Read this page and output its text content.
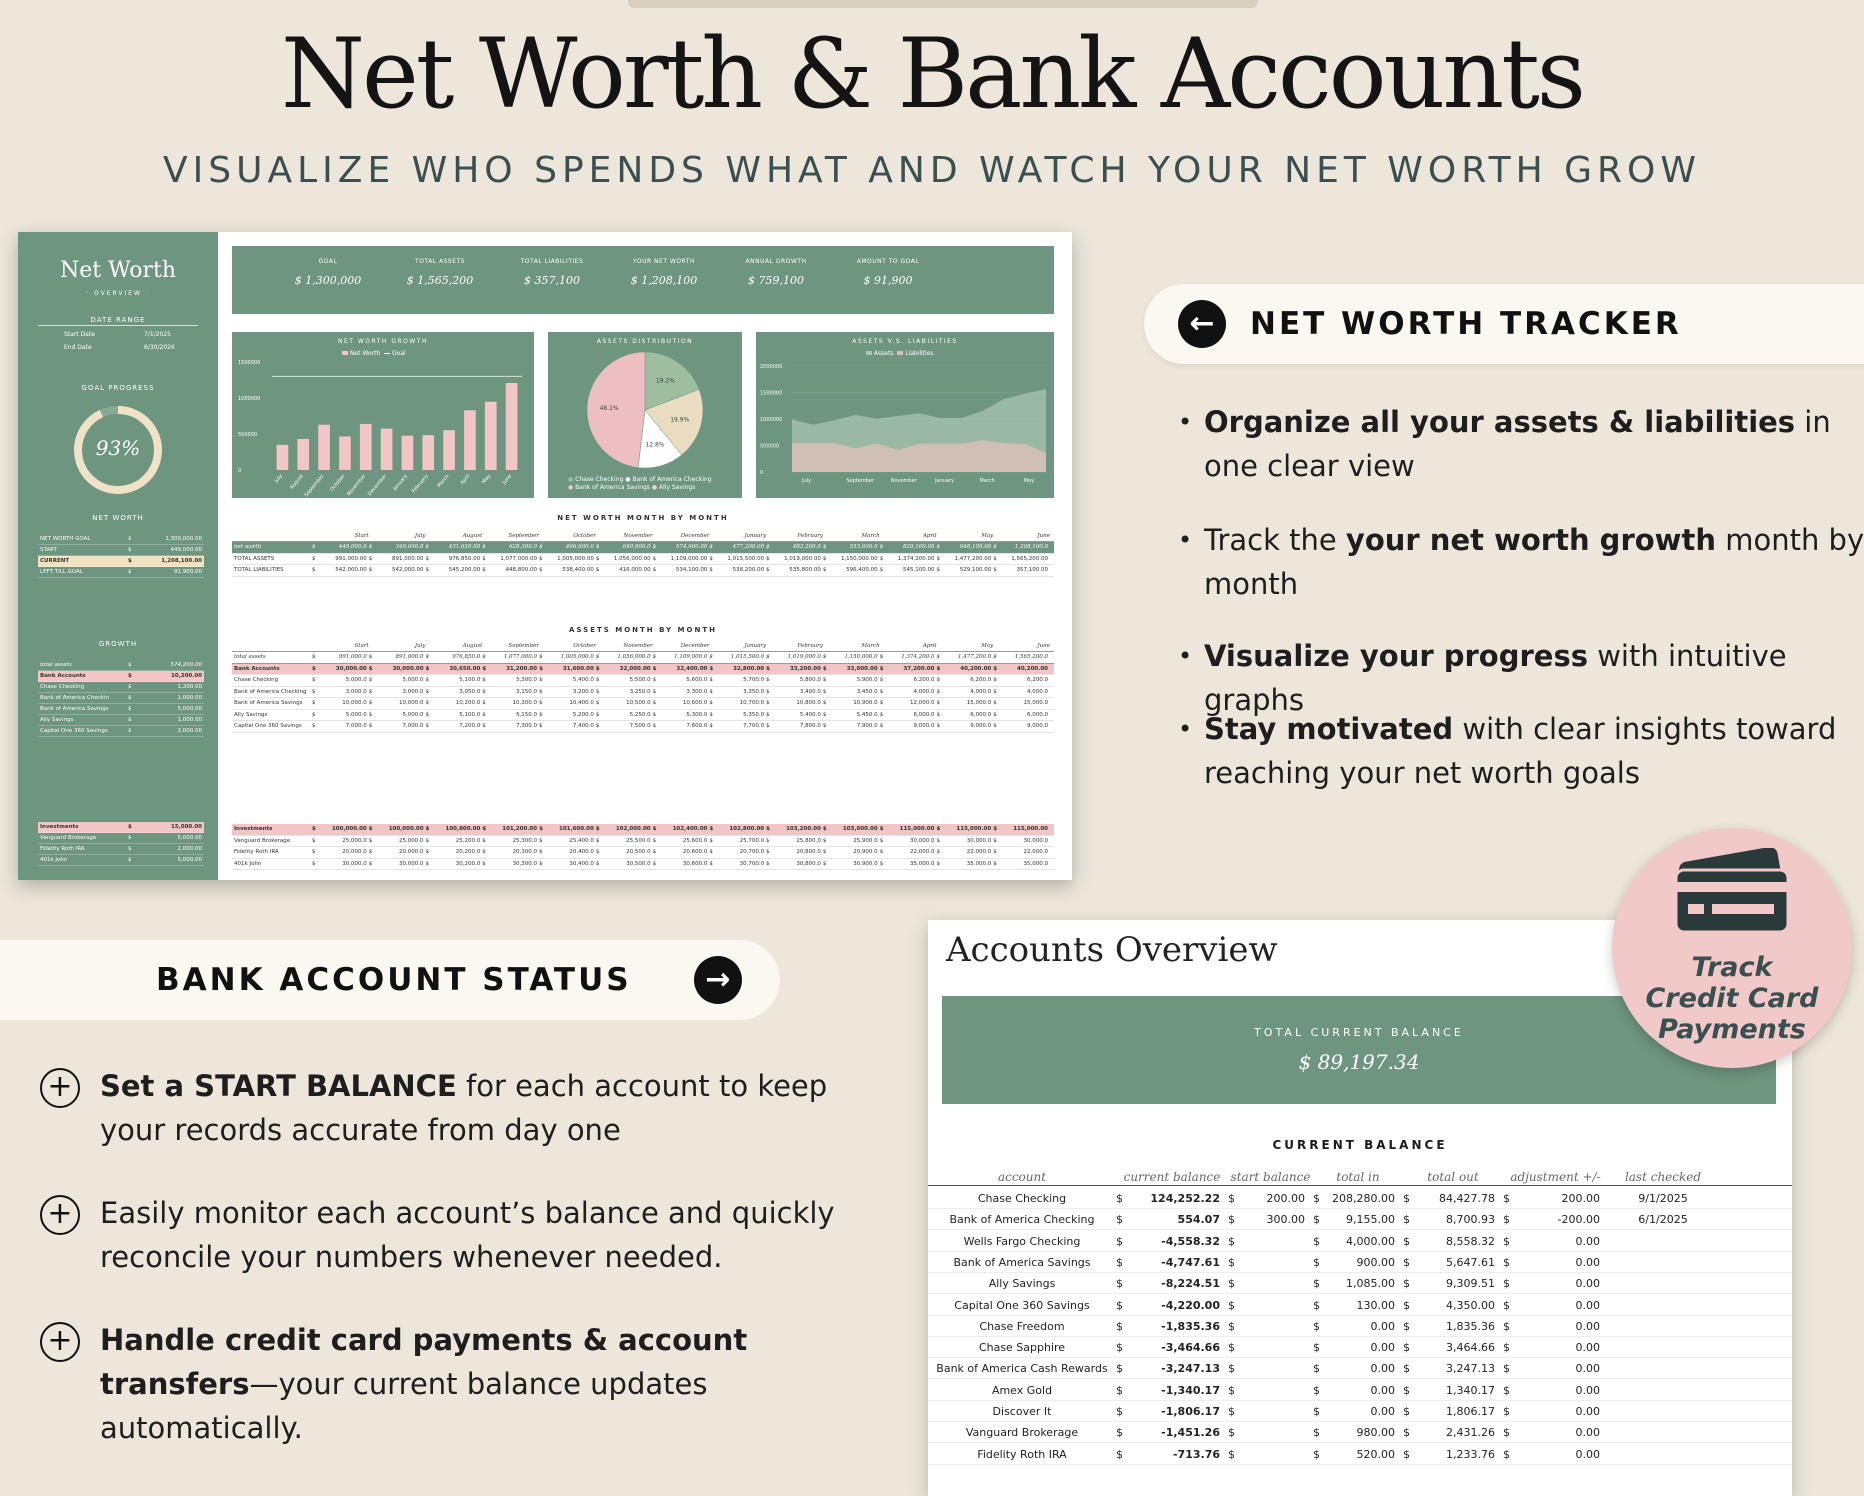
Net Worth & Bank Accounts
VISUALIZE WHO SPENDS WHAT AND WATCH YOUR NET WORTH GROW
Net Worth
· OVERVIEW ·
DATE RANGE
Start Date	7/1/2025
End Date	6/30/2026
GOAL PROGRESS
93%
NET WORTH
NET WORTH GOAL	$	1,300,000.00
START	$	449,000.00
CURRENT	$	1,208,100.00
LEFT TILL GOAL	$	91,900.00
GROWTH
total assets	$	574,200.00
Bank Accounts	$	10,200.00
Chase Checking	$	1,200.00
Bank of America Checkin	$	1,000.00
Bank of America Savings	$	5,000.00
Ally Savings	$	1,000.00
Capital One 360 Savings	$	2,000.00
Investments	$	15,000.00
Vanguard Brokerage	$	5,000.00
Fidelity Roth IRA	$	2,000.00
401k John	$	5,000.00
GOAL
$ 1,300,000
TOTAL ASSETS
$ 1,565,200
TOTAL LIABILITIES
$ 357,100
YOUR NET WORTH
$ 1,208,100
ANNUAL GROWTH
$ 759,100
AMOUNT TO GOAL
$ 91,900
NET WORTH GROWTH
Net Worth Goal
1500000
1000000
500000
0
July August
September October November December January February March April May June
ASSETS DISTRIBUTION
19.2%
19.9%
12.8%
48.1%
● Chase Checking ● Bank of America Checking
● Bank of America Savings ● Ally Savings
ASSETS V.S. LIABILITIES
Assets Liabilities
2000000
1500000
1000000
500000
0
July	September	November	January	March	May
NET WORTH MONTH BY MONTH
Start	July	August	September	October	November	December	January	February	March	April	May	June
net worth	$	449,000.0 $	349,000.0 $	431,650.00 $	628,300.0 $	466,600.0 $	640,000.0 $	574,900.00 $	477,200.00 $	483,200.0 $	553,600.0 $	829,100.00 $	948,100.00 $	1,208,100.0
TOTAL ASSETS	$	991,000.00 $	891,000.00 $	976,850.00 $	1,077,000.00 $	1,005,000.00 $	1,056,000.00 $	1,109,000.00 $	1,015,500.00 $	1,019,000.00 $	1,150,000.00 $	1,374,200.00 $	1,477,200.00 $	1,565,200.00
TOTAL LIABILITIES	$	542,000.00 $	542,000.00 $	545,200.00 $	448,800.00 $	538,400.00 $	416,000.00 $	534,100.00 $	538,200.00 $	535,800.00 $	596,400.00 $	545,100.00 $	529,100.00 $	357,100.00
ASSETS MONTH BY MONTH
Start	July	August	September	October	November	December	January	February	March	April	May	June
total assets	$	991,000.0 $	891,000.0 $	976,850.0 $	1,077,000.0 $	1,005,000.0 $	1,056,000.0 $	1,109,000.0 $	1,015,500.0 $	1,019,000.0 $	1,150,000.0 $	1,374,200.0 $	1,477,200.0 $	1,565,200.0
Bank Accounts	$	30,000.00 $	30,000.00 $	30,650.00 $	31,200.00 $	31,600.00 $	32,000.00 $	32,400.00 $	32,800.00 $	33,200.00 $	33,600.00 $	37,200.00 $	40,200.00 $	40,200.00
Chase Checking	$	5,000.0 $	5,000.0 $	5,100.0 $	5,300.0 $	5,400.0 $	5,500.0 $	5,600.0 $	5,700.0 $	5,800.0 $	5,900.0 $	6,200.0 $	6,200.0 $	6,200.0
Bank of America Checking $	3,000.0 $	3,000.0 $	3,050.0 $	3,150.0 $	3,200.0 $	3,250.0 $	3,300.0 $	3,350.0 $	3,400.0 $	3,450.0 $	4,000.0 $	4,000.0 $	4,000.0
Bank of America Savings $	10,000.0 $	10,000.0 $	10,200.0 $	10,300.0 $	10,400.0 $	10,500.0 $	10,600.0 $	10,700.0 $	10,800.0 $	10,900.0 $	12,000.0 $	15,000.0 $	15,000.0
Ally Savings	$	5,000.0 $	5,000.0 $	5,100.0 $	5,150.0 $	5,200.0 $	5,250.0 $	5,300.0 $	5,350.0 $	5,400.0 $	5,450.0 $	6,000.0 $	6,000.0 $	6,000.0
Capital One 360 Savings $	7,000.0 $	7,000.0 $	7,200.0 $	7,300.0 $	7,400.0 $	7,500.0 $	7,600.0 $	7,700.0 $	7,800.0 $	7,900.0 $	9,000.0 $	9,000.0 $	9,000.0
Investments	$	100,000.00 $	100,000.00 $	100,800.00 $	101,200.00 $	101,600.00 $	102,000.00 $	102,400.00 $	102,800.00 $	103,200.00 $	103,600.00 $	115,000.00 $	115,000.00 $	115,000.00
Vanguard Brokerage	$	25,000.0 $	25,000.0 $	25,200.0 $	25,300.0 $	25,400.0 $	25,500.0 $	25,600.0 $	25,700.0 $	25,800.0 $	25,900.0 $	30,000.0 $	30,000.0 $	30,000.0
Fidelity Roth IRA	$	20,000.0 $	20,000.0 $	20,200.0 $	20,300.0 $	20,400.0 $	20,500.0 $	20,600.0 $	20,700.0 $	20,800.0 $	20,900.0 $	22,000.0 $	22,000.0 $	22,000.0
401k John	$	30,000.0 $	30,000.0 $	30,200.0 $	30,300.0 $	30,400.0 $	30,500.0 $	30,600.0 $	30,700.0 $	30,800.0 $	30,900.0 $	35,000.0 $	35,000.0 $	35,000.0
←	NET WORTH TRACKER
• Organize all your assets & liabilities in one clear view
• Track the your net worth growth month by month
• Visualize your progress with intuitive graphs
• Stay motivated with clear insights toward reaching your net worth goals
BANK ACCOUNT STATUS	→
+ Set a START BALANCE for each account to keep your records accurate from day one
+ Easily monitor each account’s balance and quickly reconcile your numbers whenever needed.
+ Handle credit card payments & account transfers—your current balance updates automatically.
Accounts Overview
TOTAL CURRENT BALANCE
$ 89,197.34
CURRENT BALANCE
account	current balance start balance	total in	total out	adjustment +/-	last checked
Chase Checking	$	124,252.22 $	200.00 $	208,280.00 $	84,427.78 $	200.00	9/1/2025
Bank of America Checking	$	554.07 $	300.00 $	9,155.00 $	8,700.93 $	-200.00	6/1/2025
Wells Fargo Checking	$	-4,558.32 $	$	4,000.00 $	8,558.32 $	0.00
Bank of America Savings	$	-4,747.61 $	$	900.00 $	5,647.61 $	0.00
Ally Savings	$	-8,224.51 $	$	1,085.00 $	9,309.51 $	0.00
Capital One 360 Savings	$	-4,220.00 $	$	130.00 $	4,350.00 $	0.00
Chase Freedom	$	-1,835.36 $	$	0.00 $	1,835.36 $	0.00
Chase Sapphire	$	-3,464.66 $	$	0.00 $	3,464.66 $	0.00
Bank of America Cash Rewards $	-3,247.13 $	$	0.00 $	3,247.13 $	0.00
Amex Gold	$	-1,340.17 $	$	0.00 $	1,340.17 $	0.00
Discover It	$	-1,806.17 $	$	0.00 $	1,806.17 $	0.00
Vanguard Brokerage	$	-1,451.26 $	$	980.00 $	2,431.26 $	0.00
Fidelity Roth IRA	$	-713.76 $	$	520.00 $	1,233.76 $	0.00
Track
Credit Card
Payments
